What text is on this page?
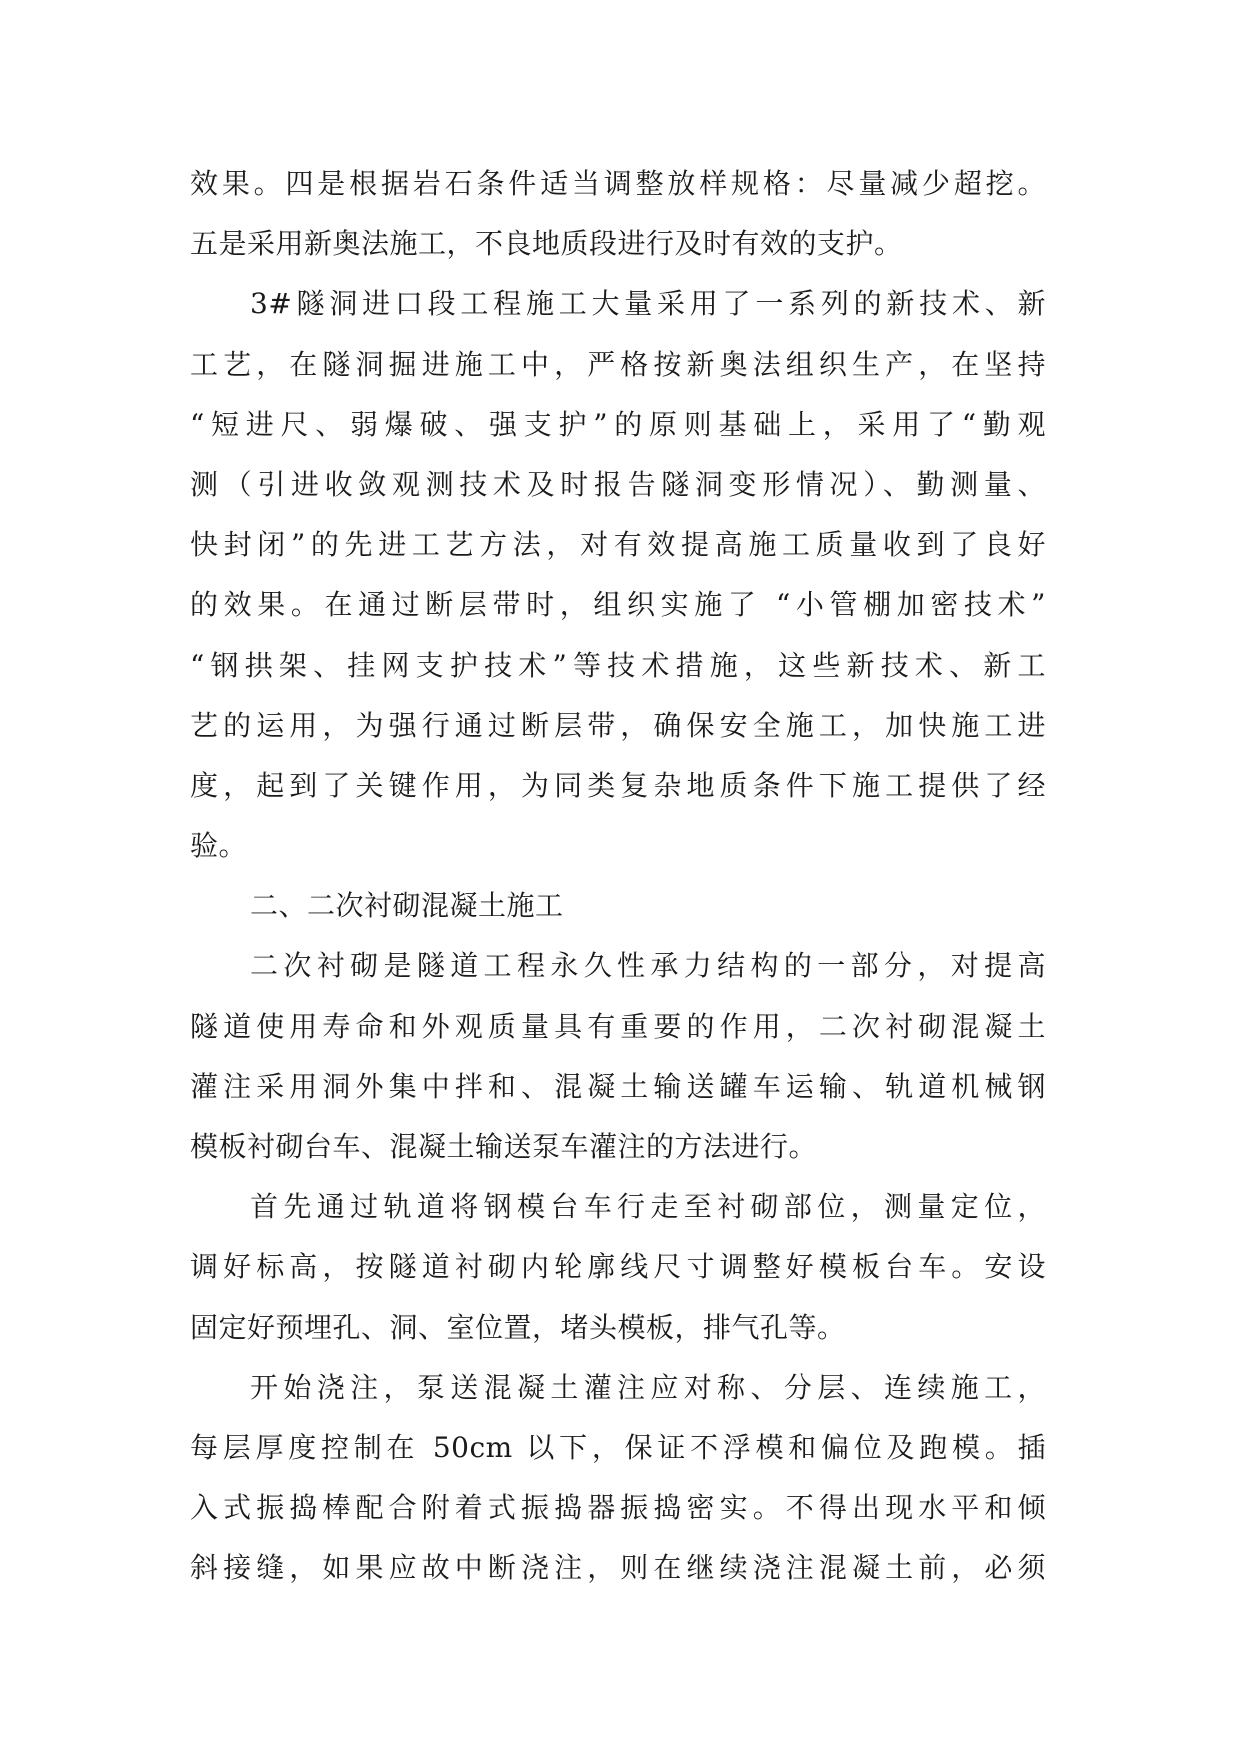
效果。四是根据岩石条件适当调整放样规格：尽量减少超挖。
五是采用新奥法施工，不良地质段进行及时有效的支护。
3#隧洞进口段工程施工大量采用了一系列的新技术、新
工艺，在隧洞掘进施工中，严格按新奥法组织生产，在坚持
“短进尺、弱爆破、强支护”的原则基础上，采用了“勤观
测（引进收敛观测技术及时报告隧洞变形情况）、勤测量、
快封闭”的先进工艺方法，对有效提高施工质量收到了良好
的效果。在通过断层带时，组织实施了 “小管棚加密技术”
“钢拱架、挂网支护技术”等技术措施，这些新技术、新工
艺的运用，为强行通过断层带，确保安全施工，加快施工进
度，起到了关键作用，为同类复杂地质条件下施工提供了经
验。
二、二次衬砌混凝土施工
二次衬砌是隧道工程永久性承力结构的一部分，对提高
隧道使用寿命和外观质量具有重要的作用，二次衬砌混凝土
灌注采用洞外集中拌和、混凝土输送罐车运输、轨道机械钢
模板衬砌台车、混凝土输送泵车灌注的方法进行。
首先通过轨道将钢模台车行走至衬砌部位，测量定位，
调好标高，按隧道衬砌内轮廓线尺寸调整好模板台车。安设
固定好预埋孔、洞、室位置，堵头模板，排气孔等。
开始浇注，泵送混凝土灌注应对称、分层、连续施工，
每层厚度控制在 50cm 以下，保证不浮模和偏位及跑模。插
入式振捣棒配合附着式振捣器振捣密实。不得出现水平和倾
斜接缝，如果应故中断浇注，则在继续浇注混凝土前，必须
